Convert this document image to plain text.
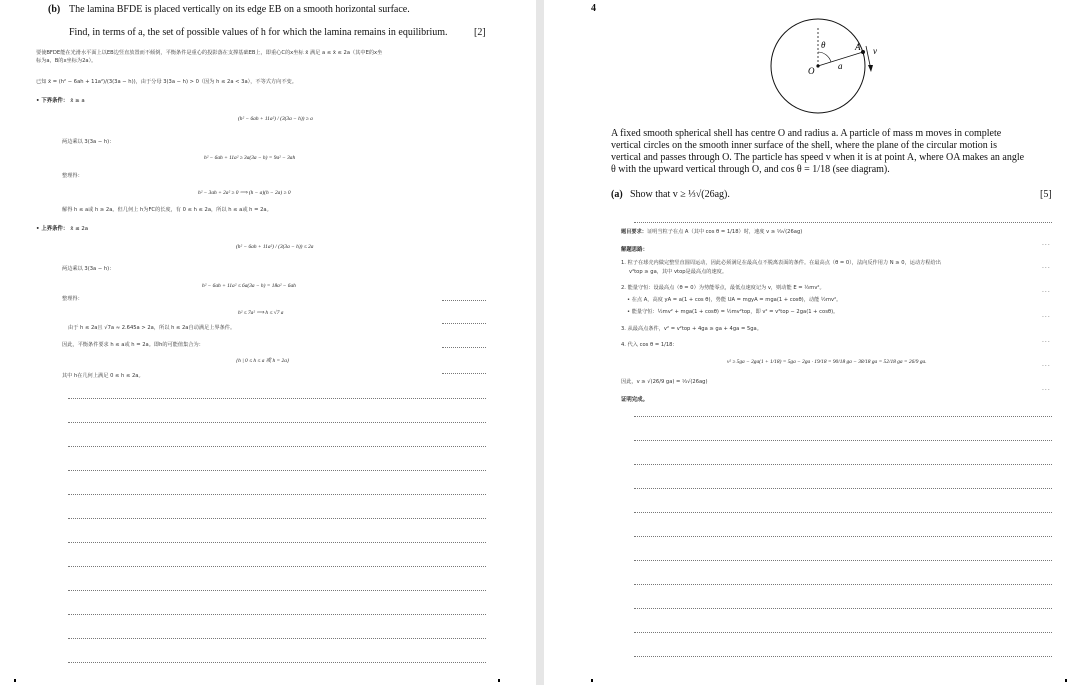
(b) The lamina BFDE is placed vertically on its edge EB on a smooth horizontal surface.
Find, in terms of a, the set of possible values of h for which the lamina remains in equilibrium.	[2]
要使BFDE能在光滑水平面上以EB边竖直放置而不倾倒，平衡条件是重心的投影落在支撑基础EB上，即重心C的x坐标 x̄ 满足 a ≤ x̄ ≤ 2a（其中E的x坐
标为a，B的x坐标为2a）。
已知 x̄ = (h² − 6ah + 11a²)/(3(3a − h))，由于分母 3(3a − h) > 0（因为 h ≤ 2a < 3a），不等式方向不变。
• 下界条件： x̄ ≥ a
(h² − 6ah + 11a²) / (3(3a − h)) ≥ a
两边乘以 3(3a − h)：
h² − 6ah + 11a² ≥ 3a(3a − h) = 9a² − 3ah
整理得：
h² − 3ah + 2a² ≥ 0 ⟹ (h − a)(h − 2a) ≥ 0
解得 h ≤ a或 h ≥ 2a。但几何上 h为FC的长度，有 0 ≤ h ≤ 2a，所以 h ≤ a或 h = 2a。
• 上界条件： x̄ ≤ 2a
(h² − 6ah + 11a²) / (3(3a − h)) ≤ 2a
两边乘以 3(3a − h)：
h² − 6ah + 11a² ≤ 6a(3a − h) = 18a² − 6ah
整理得：
h² ≤ 7a² ⟹ h ≤ √7 a
由于 h ≤ 2a且 √7a ≈ 2.645a > 2a，所以 h ≤ 2a自动满足上界条件。
因此，平衡条件要求 h ≤ a或 h = 2a。即h的可能值集合为：
{h | 0 ≤ h ≤ a 或 h = 2a}
其中 h在几何上满足 0 ≤ h ≤ 2a。
4
θ
O	a
A v
A fixed smooth spherical shell has centre O and radius a. A particle of mass m moves in complete
vertical circles on the smooth inner surface of the shell, where the plane of the circular motion is
vertical and passes through O. The particle has speed v when it is at point A, where OA makes an angle
θ with the upward vertical through O, and cos θ = 1/18 (see diagram).
(a) Show that v ≥ ⅓√(26ag).	[5]
题目要求：证明当粒子在点 A（其中 cos θ = 1/18）时，速度 v ≥ ⅓√(26ag)
解题思路：
1. 粒子在球壳内做完整竖直圆周运动，因此必须满足在最高点不脱离表面的条件。在最高点（θ = 0），法向反作用力 N ≥ 0，运动方程给出
v²top ≥ ga，其中 vtop是最高点的速度。
2. 能量守恒：设最高点（θ = 0）为势能零点，最低点速度记为 v，则动能 E = ½mv²。
• 在点 A，高度 yA = a(1 + cos θ)，势能 UA = mgyA = mga(1 + cosθ)，动能 ½mv²。
• 能量守恒：½mv² + mga(1 + cosθ) = ½mv²top，即 v² = v²top − 2ga(1 + cosθ)。
3. 从最高点条件，v² = v²top + 4ga ≥ ga + 4ga = 5ga。
4. 代入 cos θ = 1/18：
v² ≥ 5ga − 2ga(1 + 1/18) = 5ga − 2ga · 19/18 = 90/18 ga − 38/18 ga = 52/18 ga = 26/9 ga.
因此，v ≥ √(26/9 ga) = ⅓√(26ag)
证明完成。
...
...
...
...
...
...
...
